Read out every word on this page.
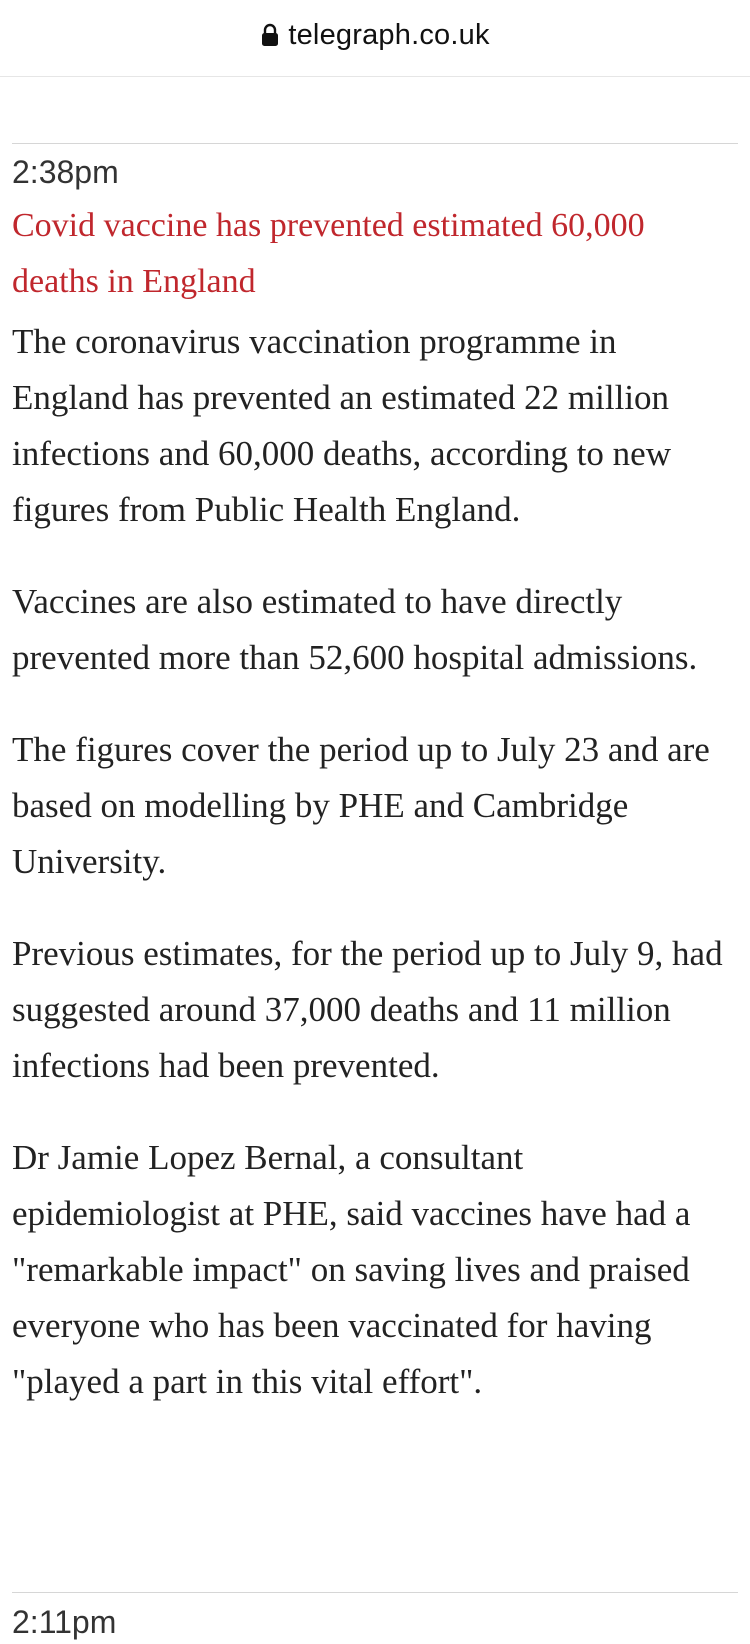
telegraph.co.uk
2:38pm
Covid vaccine has prevented estimated 60,000 deaths in England

The coronavirus vaccination programme in England has prevented an estimated 22 million infections and 60,000 deaths, according to new figures from Public Health England.

Vaccines are also estimated to have directly prevented more than 52,600 hospital admissions.

The figures cover the period up to July 23 and are based on modelling by PHE and Cambridge University.

Previous estimates, for the period up to July 9, had suggested around 37,000 deaths and 11 million infections had been prevented.

Dr Jamie Lopez Bernal, a consultant epidemiologist at PHE, said vaccines have had a "remarkable impact" on saving lives and praised everyone who has been vaccinated for having "played a part in this vital effort".

2:11pm
